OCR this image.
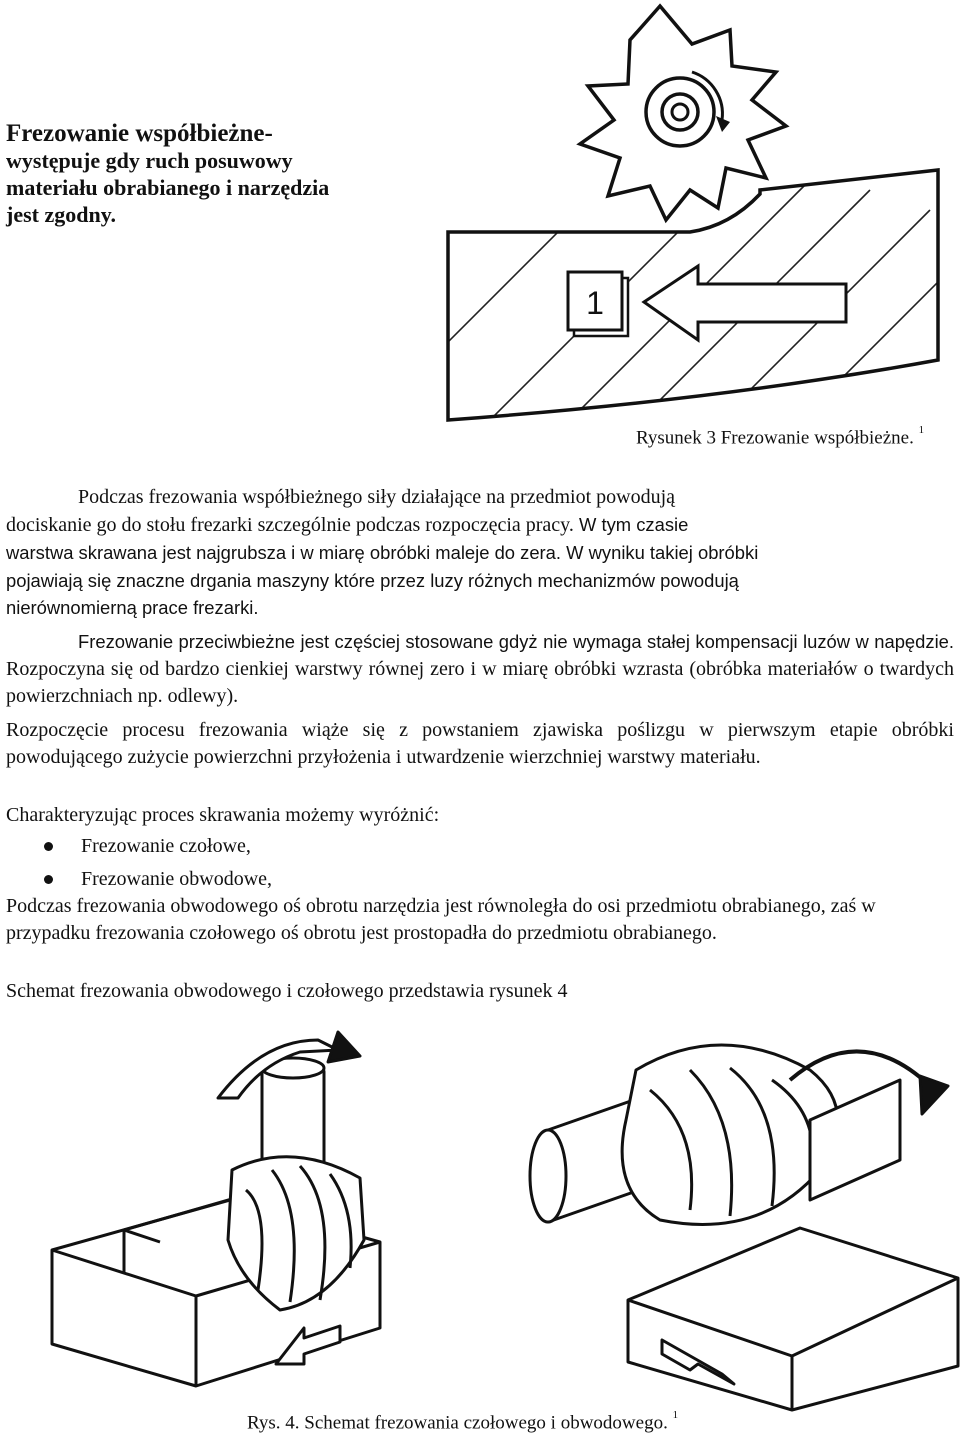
Frezowanie współbieżne-
występuje gdy ruch posuwowy
materiału obrabianego i narzędzia
jest zgodny.
1
Rysunek 3 Frezowanie współbieżne. $^1$
Podczas frezowania współbieżnego siły działające na przedmiot powodują
dociskanie go do stołu frezarki szczególnie podczas rozpoczęcia pracy. W tym czasie
warstwa skrawana jest najgrubsza i w miarę obróbki maleje do zera. W wyniku takiej obróbki
pojawiają się znaczne drgania maszyny które przez luzy różnych mechanizmów powodują
nierównomierną prace frezarki.
Frezowanie przeciwbieżne jest częściej stosowane gdyż nie wymaga stałej kompensacji luzów w napędzie. Rozpoczyna się od bardzo cienkiej warstwy równej zero i w miarę obróbki wzrasta (obróbka materiałów o twardych powierzchniach np. odlewy).
Rozpoczęcie procesu frezowania wiąże się z powstaniem zjawiska poślizgu w pierwszym etapie obróbki powodującego zużycie powierzchni przyłożenia i utwardzenie wierzchniej warstwy materiału.
Charakteryzując proces skrawania możemy wyróżnić:
Frezowanie czołowe,
Frezowanie obwodowe,
Podczas frezowania obwodowego oś obrotu narzędzia jest równoległa do osi przedmiotu obrabianego, zaś w przypadku frezowania czołowego oś obrotu jest prostopadła do przedmiotu obrabianego.
Schemat frezowania obwodowego i czołowego przedstawia rysunek 4
Rys. 4. Schemat frezowania czołowego i obwodowego. $^1$
